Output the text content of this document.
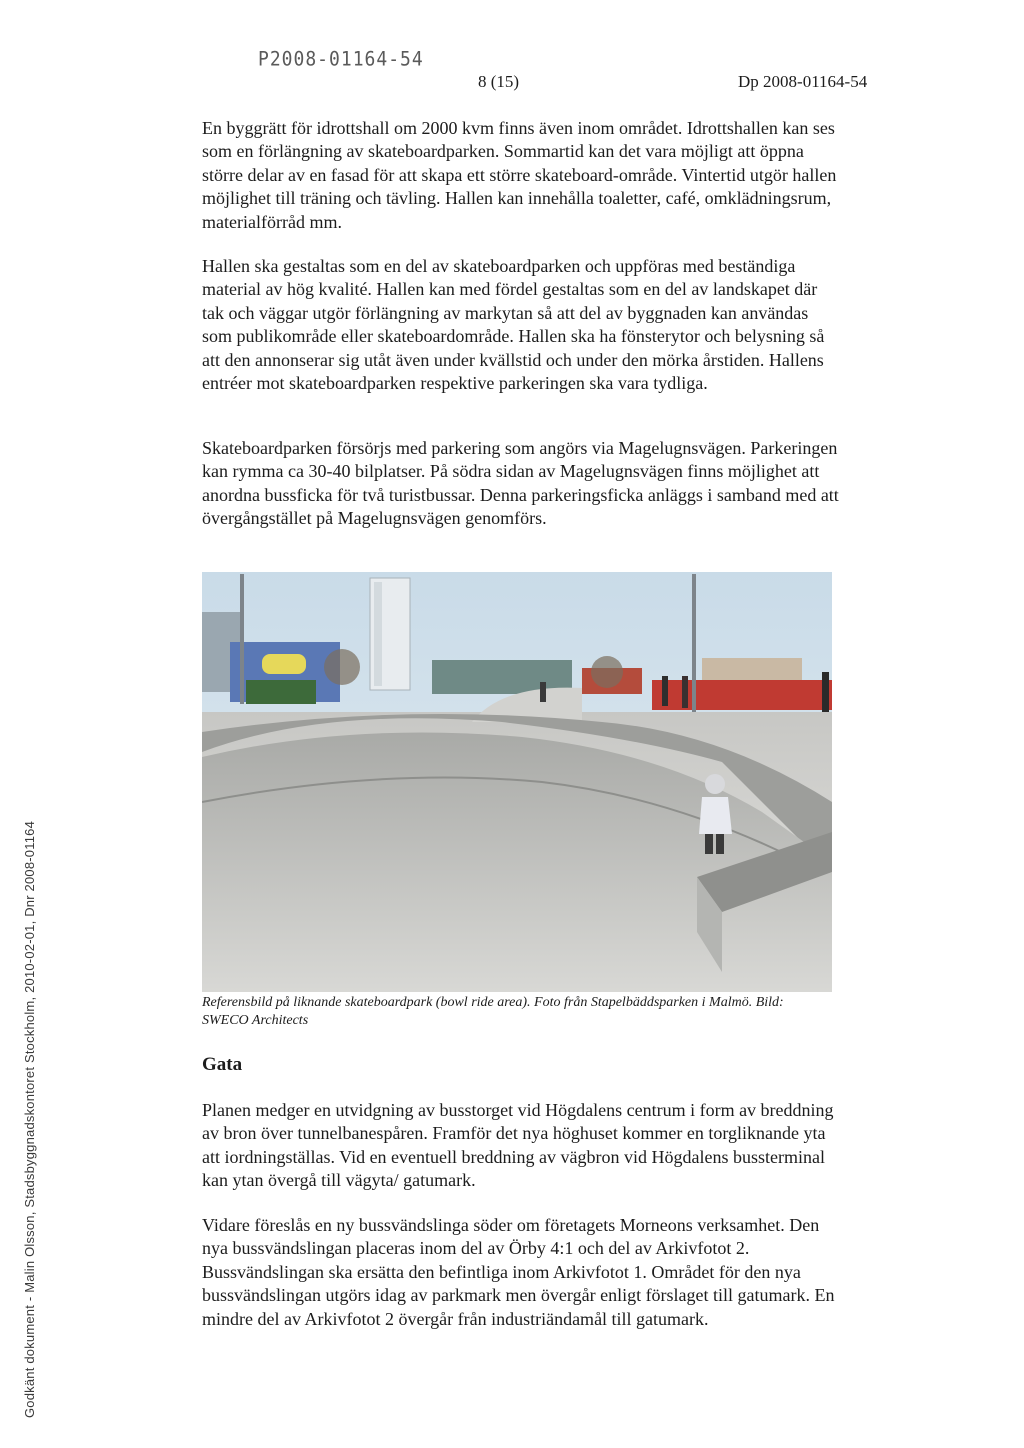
P2008-01164-54
8 (15)	Dp 2008-01164-54
Godkänt dokument - Malin Olsson, Stadsbyggnadskontoret Stockholm, 2010-02-01, Dnr 2008-01164

En byggrätt för idrottshall om 2000 kvm finns även inom området. Idrottshallen kan ses som en förlängning av skateboardparken. Sommartid kan det vara möjligt att öppna större delar av en fasad för att skapa ett större skateboard-område. Vintertid utgör hallen möjlighet till träning och tävling. Hallen kan innehålla toaletter, café, omklädningsrum, materialförråd mm.

Hallen ska gestaltas som en del av skateboardparken och uppföras med beständiga material av hög kvalité. Hallen kan med fördel gestaltas som en del av landskapet där tak och väggar utgör förlängning av markytan så att del av byggnaden kan användas som publikområde eller skateboardområde. Hallen ska ha fönsterytor och belysning så att den annonserar sig utåt även under kvällstid och under den mörka årstiden. Hallens entréer mot skateboardparken respektive parkeringen ska vara tydliga.

Skateboardparken försörjs med parkering som angörs via Magelugnsvägen. Parkeringen kan rymma ca 30-40 bilplatser. På södra sidan av Magelugnsvägen finns möjlighet att anordna bussficka för två turistbussar. Denna parkeringsficka anläggs i samband med att övergångstället på Magelugnsvägen genomförs.

Referensbild på liknande skateboardpark (bowl ride area). Foto från Stapelbäddsparken i Malmö. Bild: SWECO Architects

Gata

Planen medger en utvidgning av busstorget vid Högdalens centrum i form av breddning av bron över tunnelbanespåren. Framför det nya höghuset kommer en torgliknande yta att iordningställas. Vid en eventuell breddning av vägbron vid Högdalens bussterminal kan ytan övergå till vägyta/ gatumark.

Vidare föreslås en ny bussvändslinga söder om företagets Morneons verksamhet. Den nya bussvändslingan placeras inom del av Örby 4:1 och del av Arkivfotot 2. Bussvändslingan ska ersätta den befintliga inom Arkivfotot 1. Området för den nya bussvändslingan utgörs idag av parkmark men övergår enligt förslaget till gatumark. En mindre del av Arkivfotot 2 övergår från industriändamål till gatumark.
